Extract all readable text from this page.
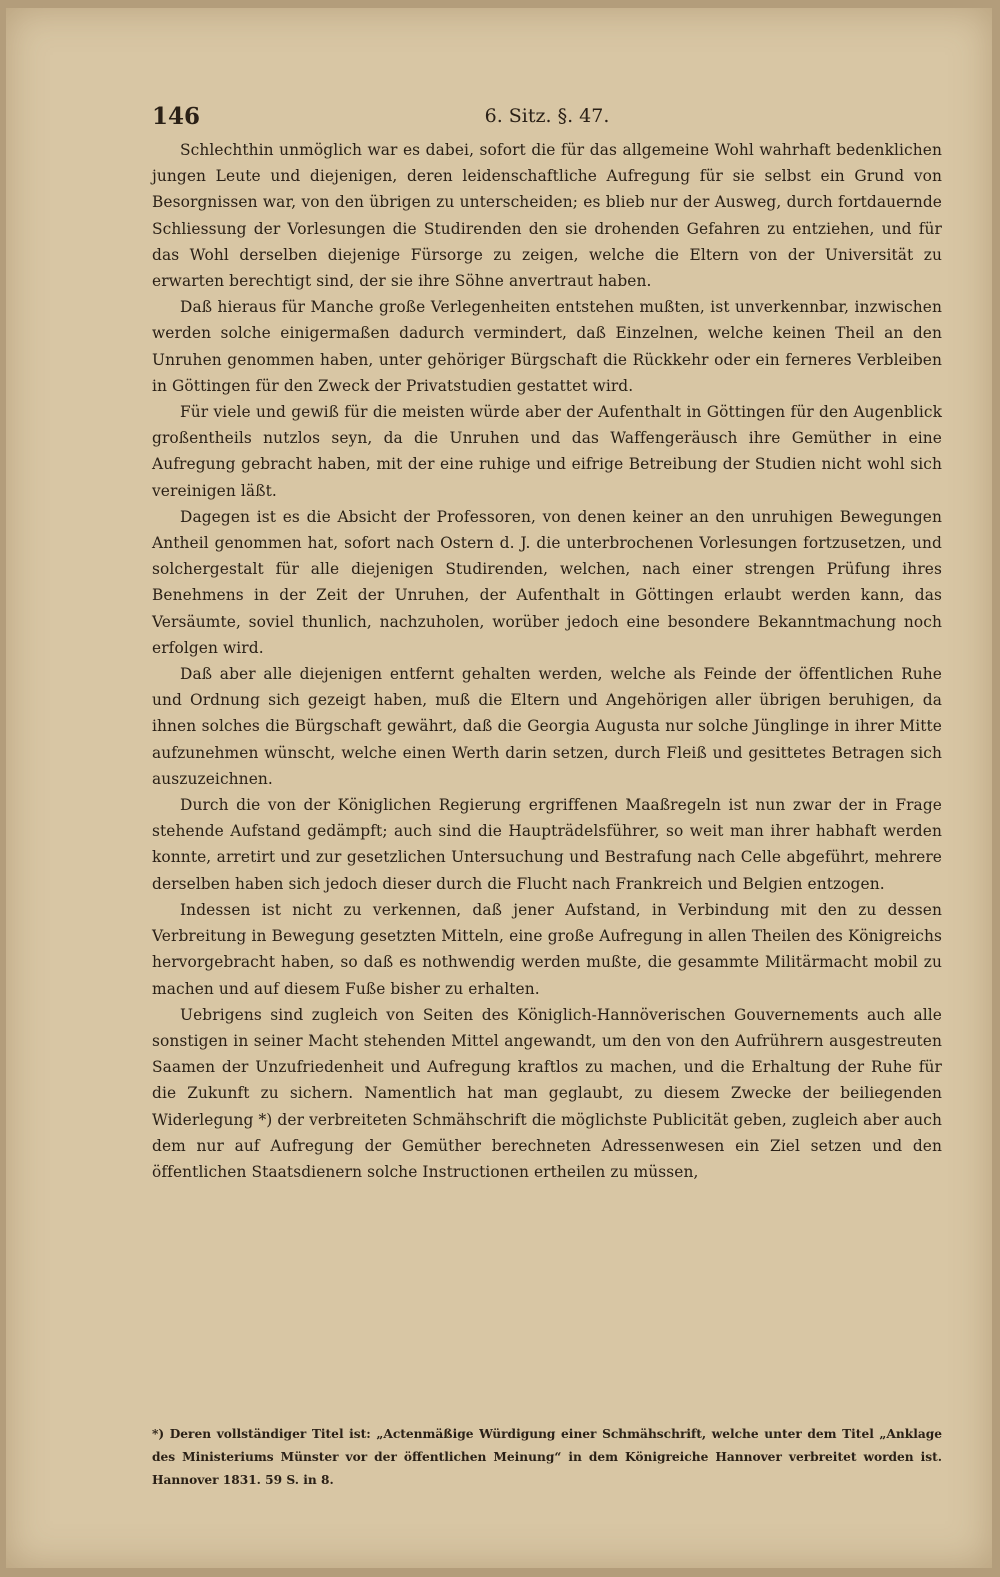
146	6. Sitz. §. 47.

Schlechthin unmöglich war es dabei, sofort die für das allgemeine Wohl wahrhaft bedenklichen jungen Leute und diejenigen, deren leidenschaftliche Aufregung für sie selbst ein Grund von Besorgnissen war, von den übrigen zu unterscheiden; es blieb nur der Ausweg, durch fortdauernde Schliessung der Vorlesungen die Studirenden den sie drohenden Gefahren zu entziehen, und für das Wohl derselben diejenige Fürsorge zu zeigen, welche die Eltern von der Universität zu erwarten berechtigt sind, der sie ihre Söhne anvertraut haben.

Daß hieraus für Manche große Verlegenheiten entstehen mußten, ist unverkennbar, inzwischen werden solche einigermaßen dadurch vermindert, daß Einzelnen, welche keinen Theil an den Unruhen genommen haben, unter gehöriger Bürgschaft die Rückkehr oder ein ferneres Verbleiben in Göttingen für den Zweck der Privatstudien gestattet wird.

Für viele und gewiß für die meisten würde aber der Aufenthalt in Göttingen für den Augenblick großentheils nutzlos seyn, da die Unruhen und das Waffengeräusch ihre Gemüther in eine Aufregung gebracht haben, mit der eine ruhige und eifrige Betreibung der Studien nicht wohl sich vereinigen läßt.

Dagegen ist es die Absicht der Professoren, von denen keiner an den unruhigen Bewegungen Antheil genommen hat, sofort nach Ostern d. J. die unterbrochenen Vorlesungen fortzusetzen, und solchergestalt für alle diejenigen Studirenden, welchen, nach einer strengen Prüfung ihres Benehmens in der Zeit der Unruhen, der Aufenthalt in Göttingen erlaubt werden kann, das Versäumte, soviel thunlich, nachzuholen, worüber jedoch eine besondere Bekanntmachung noch erfolgen wird.

Daß aber alle diejenigen entfernt gehalten werden, welche als Feinde der öffentlichen Ruhe und Ordnung sich gezeigt haben, muß die Eltern und Angehörigen aller übrigen beruhigen, da ihnen solches die Bürgschaft gewährt, daß die Georgia Augusta nur solche Jünglinge in ihrer Mitte aufzunehmen wünscht, welche einen Werth darin setzen, durch Fleiß und gesittetes Betragen sich auszuzeichnen.

Durch die von der Königlichen Regierung ergriffenen Maaßregeln ist nun zwar der in Frage stehende Aufstand gedämpft; auch sind die Haupträdelsführer, so weit man ihrer habhaft werden konnte, arretirt und zur gesetzlichen Untersuchung und Bestrafung nach Celle abgeführt, mehrere derselben haben sich jedoch dieser durch die Flucht nach Frankreich und Belgien entzogen.

Indessen ist nicht zu verkennen, daß jener Aufstand, in Verbindung mit den zu dessen Verbreitung in Bewegung gesetzten Mitteln, eine große Aufregung in allen Theilen des Königreichs hervorgebracht haben, so daß es nothwendig werden mußte, die gesammte Militärmacht mobil zu machen und auf diesem Fuße bisher zu erhalten.

Uebrigens sind zugleich von Seiten des Königlich-Hannöverischen Gouvernements auch alle sonstigen in seiner Macht stehenden Mittel angewandt, um den von den Aufrührern ausgestreuten Saamen der Unzufriedenheit und Aufregung kraftlos zu machen, und die Erhaltung der Ruhe für die Zukunft zu sichern. Namentlich hat man geglaubt, zu diesem Zwecke der beiliegenden Widerlegung *) der verbreiteten Schmähschrift die möglichste Publicität geben, zugleich aber auch dem nur auf Aufregung der Gemüther berechneten Adressenwesen ein Ziel setzen und den öffentlichen Staatsdienern solche Instructionen ertheilen zu müssen,

*) Deren vollständiger Titel ist: „Actenmäßige Würdigung einer Schmähschrift, welche unter dem Titel „Anklage des Ministeriums Münster vor der öffentlichen Meinung“ in dem Königreiche Hannover verbreitet worden ist. Hannover 1831. 59 S. in 8.
